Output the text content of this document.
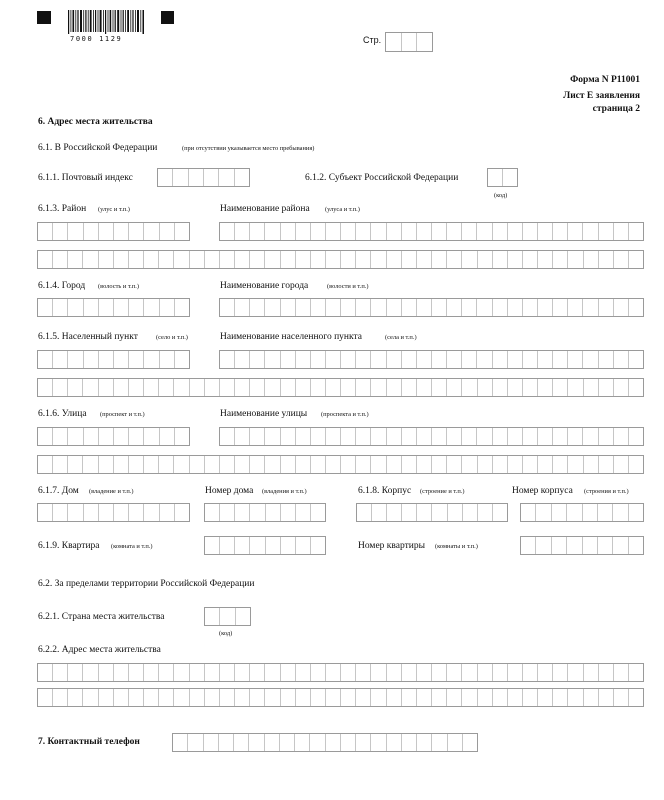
7000 1129	Стр.
Форма N Р11001
Лист Е заявления
страница 2
6. Адрес места жительства
6.1. В Российской Федерации	(при отсутствии указывается место пребывания)
6.1.1. Почтовый индекс	6.1.2. Субъект Российской Федерации
(код)
6.1.3. Район (улус и т.п.)	Наименование района (улуса и т.п.)
6.1.4. Город (волость и т.п.)	Наименование города	(волости и т.п.)
6.1.5. Населенный пункт	(село и т.п.)	Наименование населенного пункта	(села и т.п.)
6.1.6. Улица (проспект и т.п.)	Наименование улицы (проспекта и т.п.)
6.1.7. Дом (владение и т.п.)	Номер дома (владения и т.п.)	6.1.8. Корпус (строение и т.п.)	Номер корпуса (строения и т.п.)
6.1.9. Квартира (комната и т.п.)	Номер квартиры (комнаты и т.п.)
6.2. За пределами территории Российской Федерации
6.2.1. Страна места жительства
(код)
6.2.2. Адрес места жительства
7. Контактный телефон
